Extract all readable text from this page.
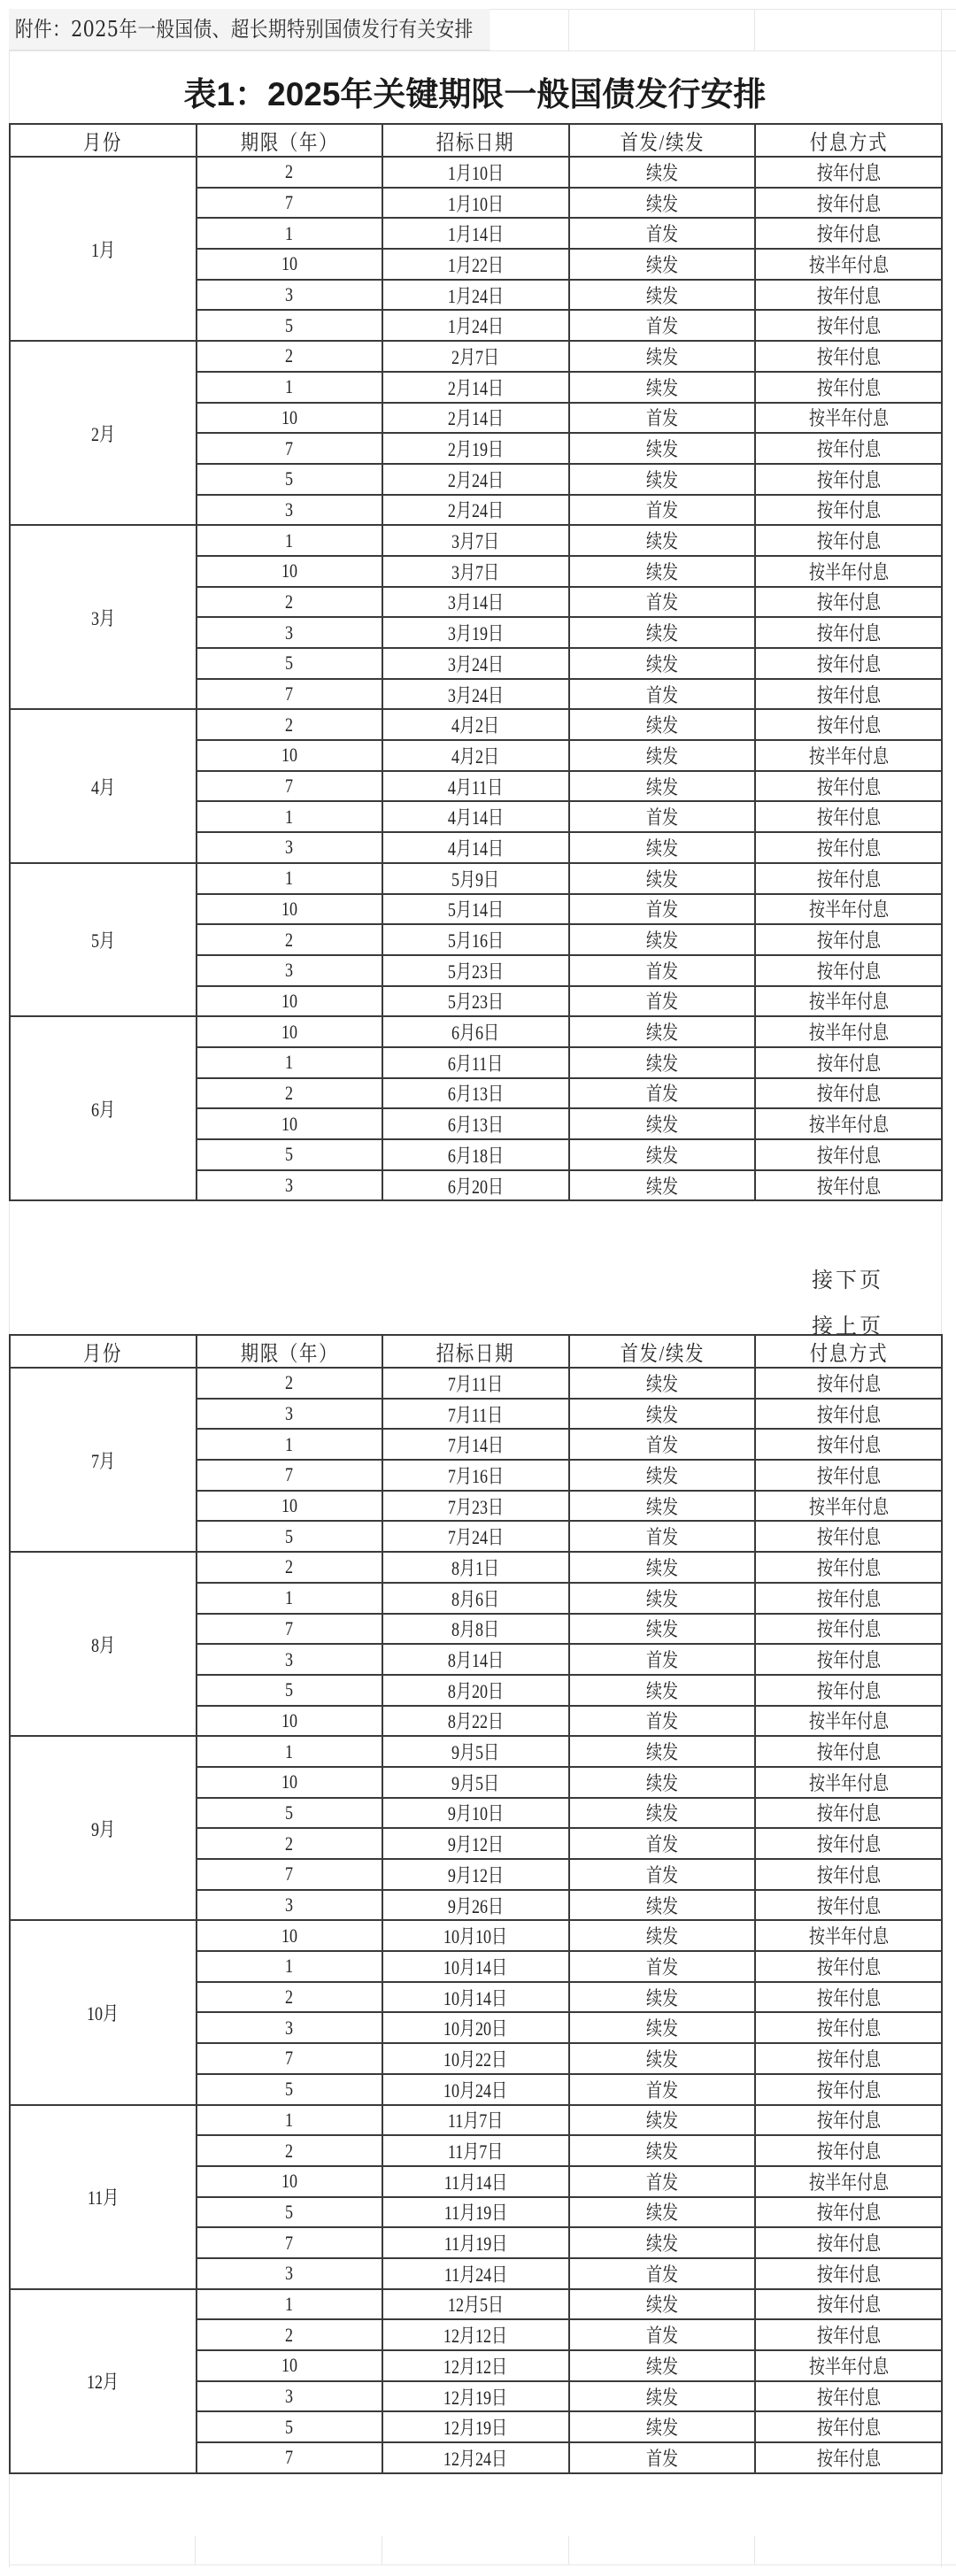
附件：2025年一般国债、超长期特别国债发行有关安排
表1：2025年关键期限一般国债发行安排
月份	期限（年）	招标日期	首发/续发	付息方式
1月	2	1月10日	续发	按年付息
	7	1月10日	续发	按年付息
	1	1月14日	首发	按年付息
	10	1月22日	续发	按半年付息
	3	1月24日	续发	按年付息
	5	1月24日	首发	按年付息
2月	2	2月7日	续发	按年付息
	1	2月14日	续发	按年付息
	10	2月14日	首发	按半年付息
	7	2月19日	续发	按年付息
	5	2月24日	续发	按年付息
	3	2月24日	首发	按年付息
3月	1	3月7日	续发	按年付息
	10	3月7日	续发	按半年付息
	2	3月14日	首发	按年付息
	3	3月19日	续发	按年付息
	5	3月24日	续发	按年付息
	7	3月24日	首发	按年付息
4月	2	4月2日	续发	按年付息
	10	4月2日	续发	按半年付息
	7	4月11日	续发	按年付息
	1	4月14日	首发	按年付息
	3	4月14日	续发	按年付息
5月	1	5月9日	续发	按年付息
	10	5月14日	首发	按半年付息
	2	5月16日	续发	按年付息
	3	5月23日	首发	按年付息
	10	5月23日	首发	按半年付息
6月	10	6月6日	续发	按半年付息
	1	6月11日	续发	按年付息
	2	6月13日	首发	按年付息
	10	6月13日	续发	按半年付息
	5	6月18日	续发	按年付息
	3	6月20日	续发	按年付息
接下页
接上页
月份	期限（年）	招标日期	首发/续发	付息方式
7月	2	7月11日	续发	按年付息
	3	7月11日	续发	按年付息
	1	7月14日	首发	按年付息
	7	7月16日	续发	按年付息
	10	7月23日	续发	按半年付息
	5	7月24日	首发	按年付息
8月	2	8月1日	续发	按年付息
	1	8月6日	续发	按年付息
	7	8月8日	续发	按年付息
	3	8月14日	首发	按年付息
	5	8月20日	续发	按年付息
	10	8月22日	首发	按半年付息
9月	1	9月5日	续发	按年付息
	10	9月5日	续发	按半年付息
	5	9月10日	续发	按年付息
	2	9月12日	首发	按年付息
	7	9月12日	首发	按年付息
	3	9月26日	续发	按年付息
10月	10	10月10日	续发	按半年付息
	1	10月14日	首发	按年付息
	2	10月14日	续发	按年付息
	3	10月20日	续发	按年付息
	7	10月22日	续发	按年付息
	5	10月24日	首发	按年付息
11月	1	11月7日	续发	按年付息
	2	11月7日	续发	按年付息
	10	11月14日	首发	按半年付息
	5	11月19日	续发	按年付息
	7	11月19日	续发	按年付息
	3	11月24日	首发	按年付息
12月	1	12月5日	续发	按年付息
	2	12月12日	首发	按年付息
	10	12月12日	续发	按半年付息
	3	12月19日	续发	按年付息
	5	12月19日	续发	按年付息
	7	12月24日	首发	按年付息
